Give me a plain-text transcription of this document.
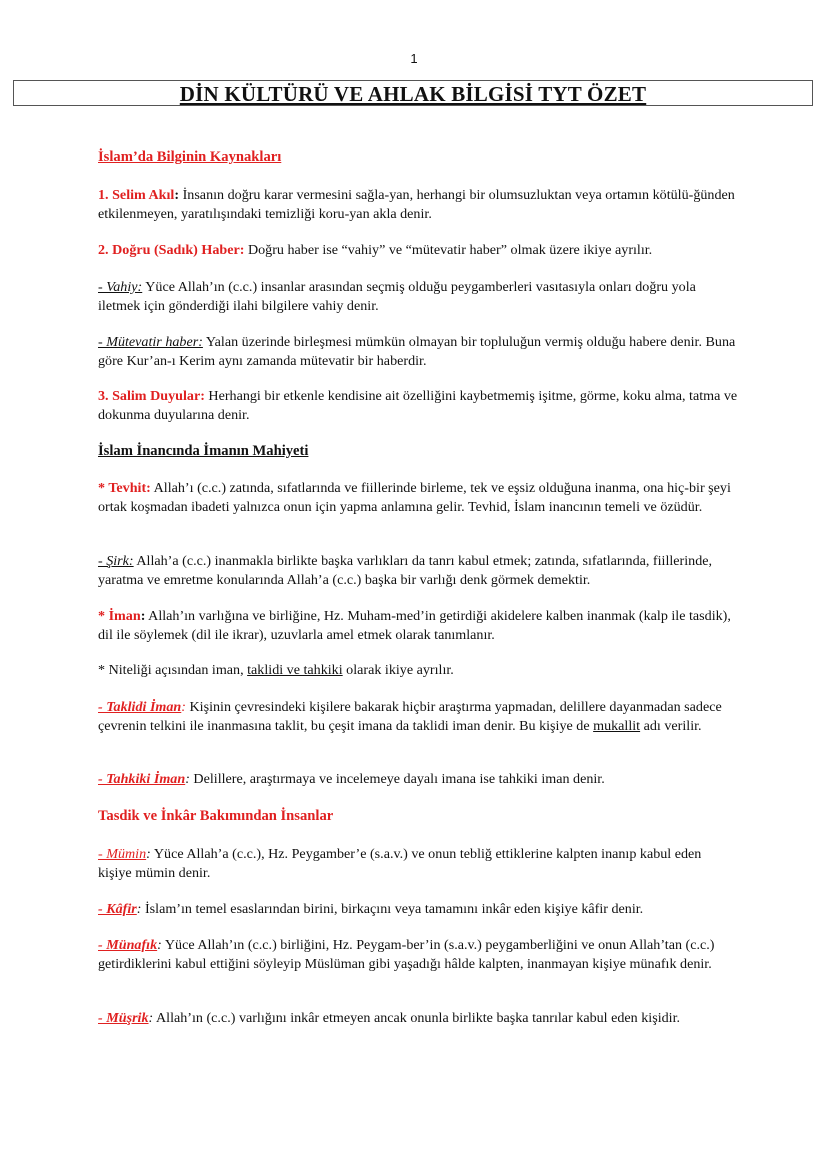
1
DİN KÜLTÜRÜ VE AHLAK BİLGİSİ TYT ÖZET

İslam’da Bilginin Kaynakları

1. Selim Akıl: İnsanın doğru karar vermesini sağla-yan, herhangi bir olumsuzluktan veya ortamın kötülü-ğünden etkilenmeyen, yaratılışındaki temizliği koru-yan akla denir.

2. Doğru (Sadık) Haber: Doğru haber ise “vahiy” ve “mütevatir haber” olmak üzere ikiye ayrılır.

- Vahiy: Yüce Allah’ın (c.c.) insanlar arasından seçmiş olduğu peygamberleri vasıtasıyla onları doğru yola iletmek için gönderdiği ilahi bilgilere vahiy denir.

- Mütevatir haber: Yalan üzerinde birleşmesi mümkün olmayan bir topluluğun vermiş olduğu habere denir. Buna göre Kur’an-ı Kerim aynı zamanda mütevatir bir haberdir.

3. Salim Duyular: Herhangi bir etkenle kendisine ait özelliğini kaybetmemiş işitme, görme, koku alma, tatma ve dokunma duyularına denir.

İslam İnancında İmanın Mahiyeti

* Tevhit: Allah’ı (c.c.) zatında, sıfatlarında ve fiillerinde birleme, tek ve eşsiz olduğuna inanma, ona hiç-bir şeyi ortak koşmadan ibadeti yalnızca onun için yapma anlamına gelir. Tevhid, İslam inancının temeli ve özüdür.

- Şirk: Allah’a (c.c.) inanmakla birlikte başka varlıkları da tanrı kabul etmek; zatında, sıfatlarında, fiillerinde, yaratma ve emretme konularında Allah’a (c.c.) başka bir varlığı denk görmek demektir.

* İman: Allah’ın varlığına ve birliğine, Hz. Muham-med’in getirdiği akidelere kalben inanmak (kalp ile tasdik), dil ile söylemek (dil ile ikrar), uzuvlarla amel etmek olarak tanımlanır.

* Niteliği açısından iman, taklidi ve tahkiki olarak ikiye ayrılır.

- Taklidi İman: Kişinin çevresindeki kişilere bakarak hiçbir araştırma yapmadan, delillere dayanmadan sadece çevrenin telkini ile inanmasına taklit, bu çeşit imana da taklidi iman denir. Bu kişiye de mukallit adı verilir.

- Tahkiki İman: Delillere, araştırmaya ve incelemeye dayalı imana ise tahkiki iman denir.

Tasdik ve İnkâr Bakımından İnsanlar

- Mümin: Yüce Allah’a (c.c.), Hz. Peygamber’e (s.a.v.) ve onun tebliğ ettiklerine kalpten inanıp kabul eden kişiye mümin denir.

- Kâfir: İslam’ın temel esaslarından birini, birkaçını veya tamamını inkâr eden kişiye kâfir denir.

- Münafık: Yüce Allah’ın (c.c.) birliğini, Hz. Peygam-ber’in (s.a.v.) peygamberliğini ve onun Allah’tan (c.c.) getirdiklerini kabul ettiğini söyleyip Müslüman gibi yaşadığı hâlde kalpten, inanmayan kişiye münafık denir.

- Müşrik: Allah’ın (c.c.) varlığını inkâr etmeyen ancak onunla birlikte başka tanrılar kabul eden kişidir.
